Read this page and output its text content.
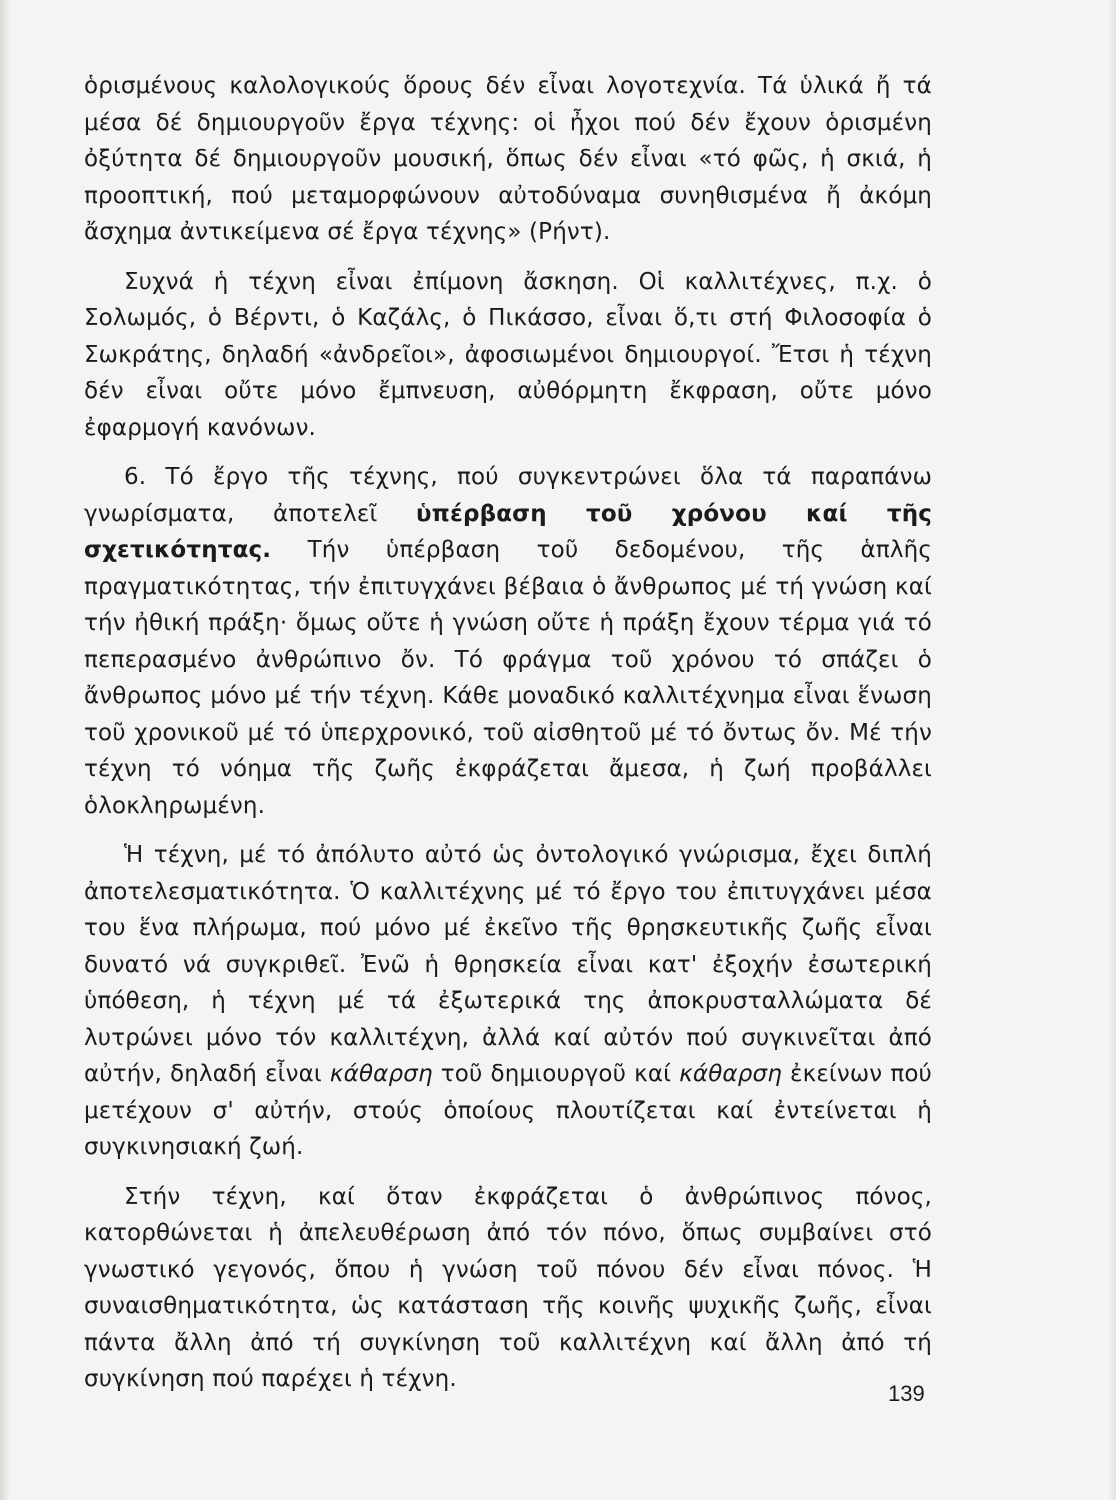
ὁρισμένους καλολογικούς ὅρους δέν εἶναι λογοτεχνία. Τά ὑλικά ἤ τά μέσα δέ δημιουργοῦν ἔργα τέχνης: οἱ ἦχοι πού δέν ἔχουν ὁρισμένη ὀξύτητα δέ δημιουργοῦν μουσική, ὅπως δέν εἶναι «τό φῶς, ἡ σκιά, ἡ προοπτική, πού μεταμορφώνουν αὐτοδύναμα συνηθισμένα ἤ ἀκόμη ἄσχημα ἀντικείμενα σέ ἔργα τέχνης» (Ρήντ).

Συχνά ἡ τέχνη εἶναι ἐπίμονη ἄσκηση. Οἱ καλλιτέχνες, π.χ. ὁ Σολωμός, ὁ Βέρντι, ὁ Καζάλς, ὁ Πικάσσο, εἶναι ὅ,τι στή Φιλοσοφία ὁ Σωκράτης, δηλαδή «ἀνδρεῖοι», ἀφοσιωμένοι δημιουργοί. Ἔτσι ἡ τέχνη δέν εἶναι οὔτε μόνο ἔμπνευση, αὐθόρμητη ἔκφραση, οὔτε μόνο ἐφαρμογή κανόνων.

6. Τό ἔργο τῆς τέχνης, πού συγκεντρώνει ὅλα τά παραπάνω γνωρίσματα, ἀποτελεῖ ὑπέρβαση τοῦ χρόνου καί τῆς σχετικότητας. Τήν ὑπέρβαση τοῦ δεδομένου, τῆς ἁπλῆς πραγματικότητας, τήν ἐπιτυγχάνει βέβαια ὁ ἄνθρωπος μέ τή γνώση καί τήν ἠθική πράξη· ὅμως οὔτε ἡ γνώση οὔτε ἡ πράξη ἔχουν τέρμα γιά τό πεπερασμένο ἀνθρώπινο ὄν. Τό φράγμα τοῦ χρόνου τό σπάζει ὁ ἄνθρωπος μόνο μέ τήν τέχνη. Κάθε μοναδικό καλλιτέχνημα εἶναι ἕνωση τοῦ χρονικοῦ μέ τό ὑπερχρονικό, τοῦ αἰσθητοῦ μέ τό ὄντως ὄν. Μέ τήν τέχνη τό νόημα τῆς ζωῆς ἐκφράζεται ἄμεσα, ἡ ζωή προβάλλει ὁλοκληρωμένη.

Ἡ τέχνη, μέ τό ἀπόλυτο αὐτό ὡς ὀντολογικό γνώρισμα, ἔχει διπλή ἀποτελεσματικότητα. Ὁ καλλιτέχνης μέ τό ἔργο του ἐπιτυγχάνει μέσα του ἕνα πλήρωμα, πού μόνο μέ ἐκεῖνο τῆς θρησκευτικῆς ζωῆς εἶναι δυνατό νά συγκριθεῖ. Ἐνῶ ἡ θρησκεία εἶναι κατ' ἐξοχήν ἐσωτερική ὑπόθεση, ἡ τέχνη μέ τά ἐξωτερικά της ἀποκρυσταλλώματα δέ λυτρώνει μόνο τόν καλλιτέχνη, ἀλλά καί αὐτόν πού συγκινεῖται ἀπό αὐτήν, δηλαδή εἶναι κάθαρση τοῦ δημιουργοῦ καί κάθαρση ἐκείνων πού μετέχουν σ' αὐτήν, στούς ὁποίους πλουτίζεται καί ἐντείνεται ἡ συγκινησιακή ζωή.

Στήν τέχνη, καί ὅταν ἐκφράζεται ὁ ἀνθρώπινος πόνος, κατορθώνεται ἡ ἀπελευθέρωση ἀπό τόν πόνο, ὅπως συμβαίνει στό γνωστικό γεγονός, ὅπου ἡ γνώση τοῦ πόνου δέν εἶναι πόνος. Ἡ συναισθηματικότητα, ὡς κατάσταση τῆς κοινῆς ψυχικῆς ζωῆς, εἶναι πάντα ἄλλη ἀπό τή συγκίνηση τοῦ καλλιτέχνη καί ἄλλη ἀπό τή συγκίνηση πού παρέχει ἡ τέχνη.

139
